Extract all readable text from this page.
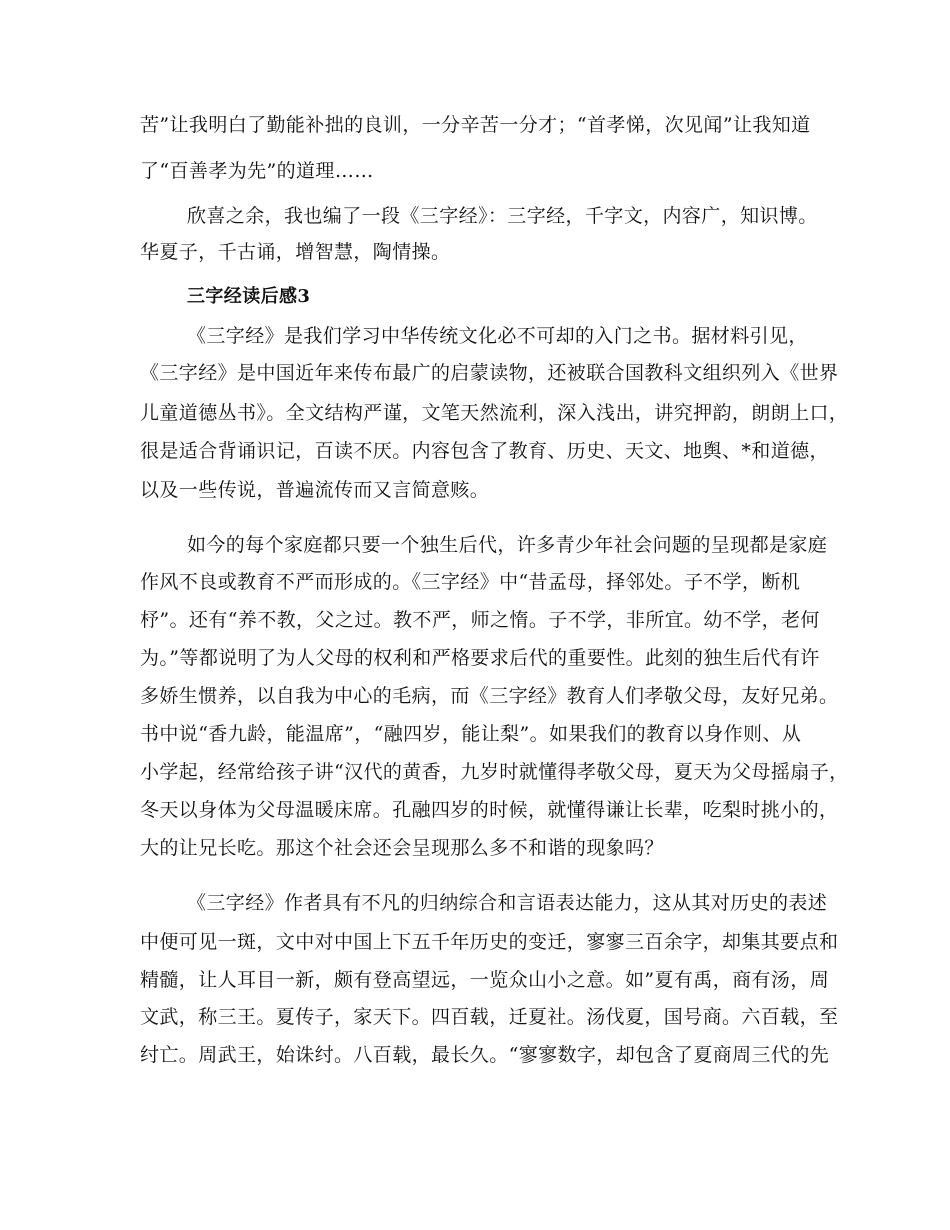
苦”让我明白了勤能补拙的良训，一分辛苦一分才；“首孝悌，次见闻”让我知道
了“百善孝为先”的道理……
欣喜之余，我也编了一段《三字经》：三字经，千字文，内容广，知识博。
华夏子，千古诵，增智慧，陶情操。
三字经读后感3
《三字经》是我们学习中华传统文化必不可却的入门之书。据材料引见，
《三字经》是中国近年来传布最广的启蒙读物，还被联合国教科文组织列入《世界
儿童道德丛书》。全文结构严谨，文笔天然流利，深入浅出，讲究押韵，朗朗上口，
很是适合背诵识记，百读不厌。内容包含了教育、历史、天文、地舆、*和道德，
以及一些传说，普遍流传而又言简意赅。
如今的每个家庭都只要一个独生后代，许多青少年社会问题的呈现都是家庭
作风不良或教育不严而形成的。《三字经》中“昔孟母，择邻处。子不学，断机
杼”。还有“养不教，父之过。教不严，师之惰。子不学，非所宜。幼不学，老何
为。”等都说明了为人父母的权利和严格要求后代的重要性。此刻的独生后代有许
多娇生惯养，以自我为中心的毛病，而《三字经》教育人们孝敬父母，友好兄弟。
书中说“香九龄，能温席”，“融四岁，能让梨”。如果我们的教育以身作则、从
小学起，经常给孩子讲“汉代的黄香，九岁时就懂得孝敬父母，夏天为父母摇扇子，
冬天以身体为父母温暖床席。孔融四岁的时候，就懂得谦让长辈，吃梨时挑小的，
大的让兄长吃。那这个社会还会呈现那么多不和谐的现象吗？
《三字经》作者具有不凡的归纳综合和言语表达能力，这从其对历史的表述
中便可见一斑，文中对中国上下五千年历史的变迁，寥寥三百余字，却集其要点和
精髓，让人耳目一新，颇有登高望远，一览众山小之意。如”夏有禹，商有汤，周
文武，称三王。夏传子，家天下。四百载，迁夏社。汤伐夏，国号商。六百载，至
纣亡。周武王，始诛纣。八百载，最长久。“寥寥数字，却包含了夏商周三代的先
